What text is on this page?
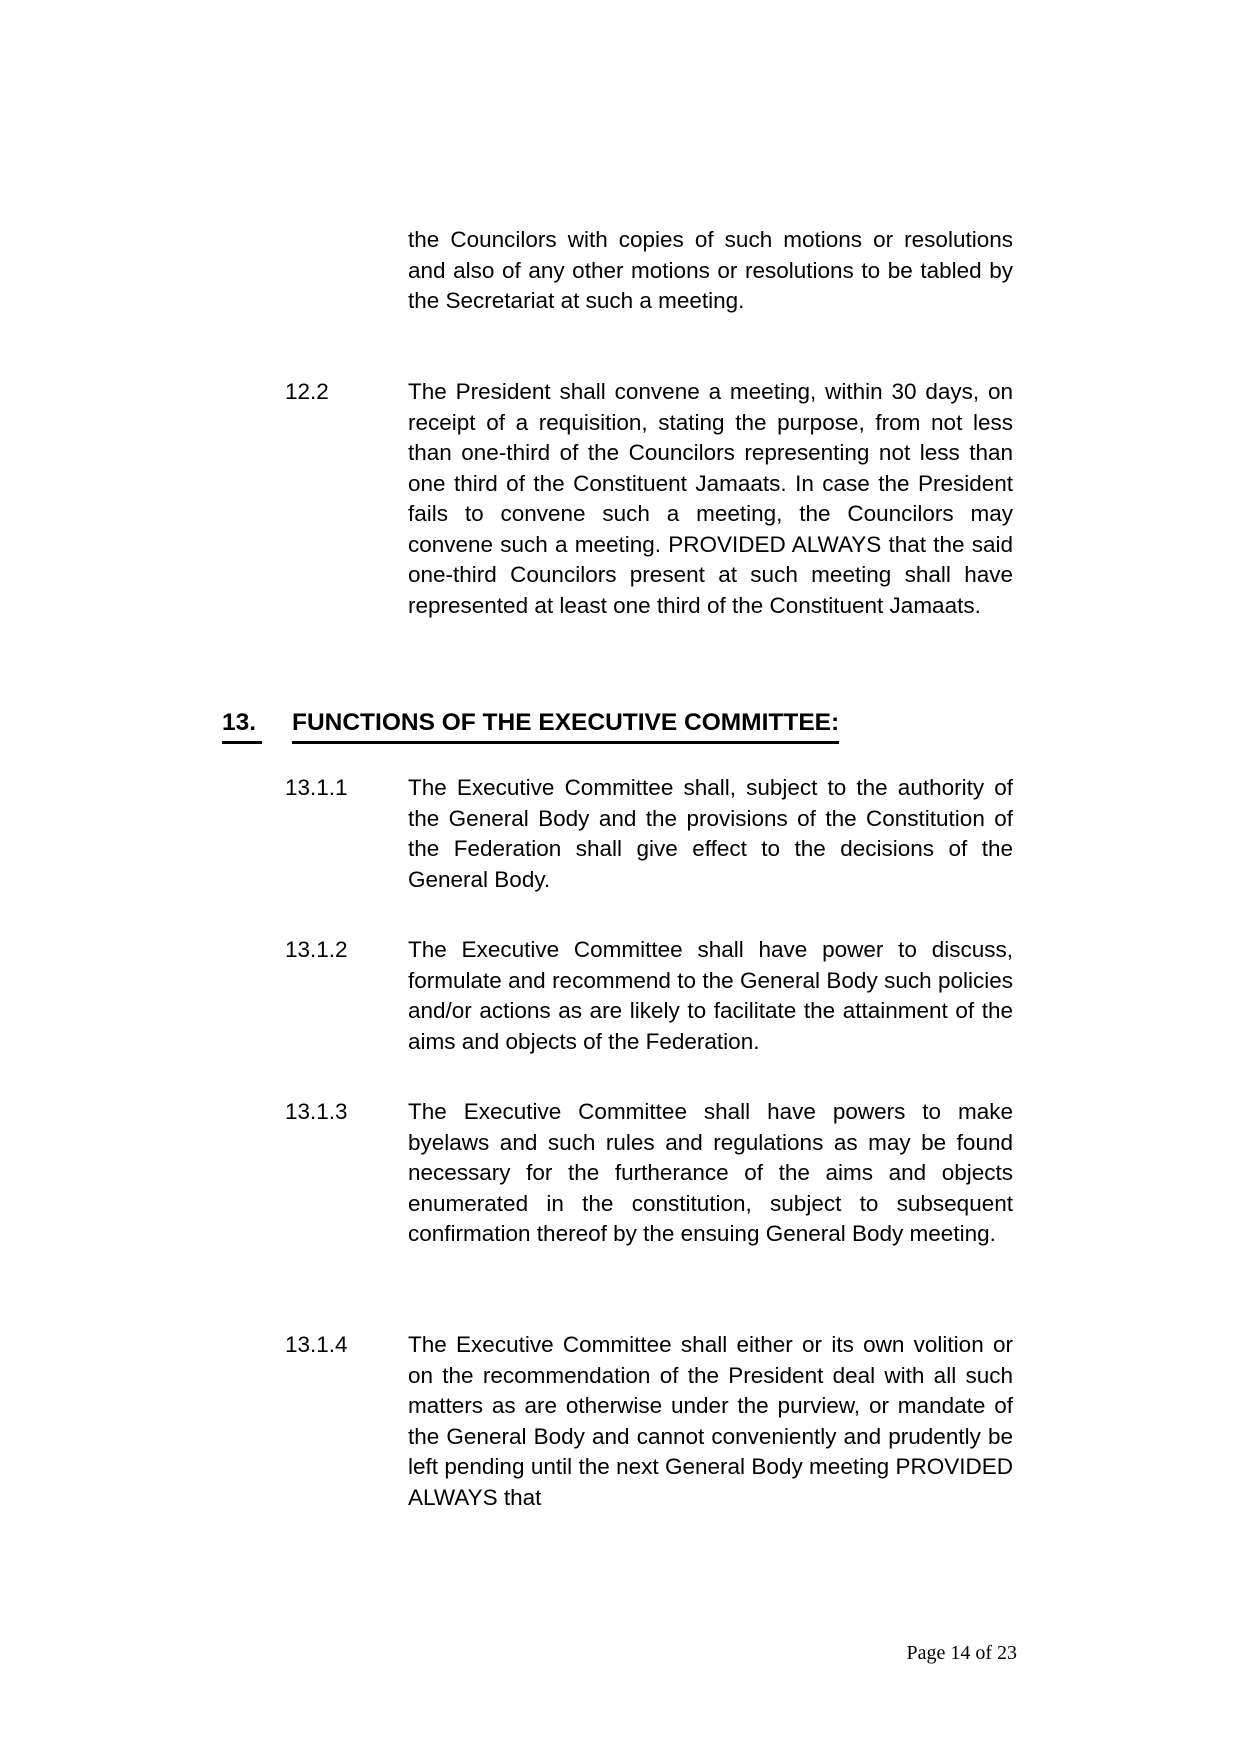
the Councilors with copies of such motions or resolutions and also of any other motions or resolutions to be tabled by the Secretariat at such a meeting.

12.2	The President shall convene a meeting, within 30 days, on receipt of a requisition, stating the purpose, from not less than one-third of the Councilors representing not less than one third of the Constituent Jamaats. In case the President fails to convene such a meeting, the Councilors may convene such a meeting. PROVIDED ALWAYS that the said one-third Councilors present at such meeting shall have represented at least one third of the Constituent Jamaats.
13. FUNCTIONS OF THE EXECUTIVE COMMITTEE:
13.1.1	The Executive Committee shall, subject to the authority of the General Body and the provisions of the Constitution of the Federation shall give effect to the decisions of the General Body.
13.1.2	The Executive Committee shall have power to discuss, formulate and recommend to the General Body such policies and/or actions as are likely to facilitate the attainment of the aims and objects of the Federation.
13.1.3	The Executive Committee shall have powers to make byelaws and such rules and regulations as may be found necessary for the furtherance of the aims and objects enumerated in the constitution, subject to subsequent confirmation thereof by the ensuing General Body meeting.
13.1.4	The Executive Committee shall either or its own volition or on the recommendation of the President deal with all such matters as are otherwise under the purview, or mandate of the General Body and cannot conveniently and prudently be left pending until the next General Body meeting PROVIDED ALWAYS that
Page 14 of 23
